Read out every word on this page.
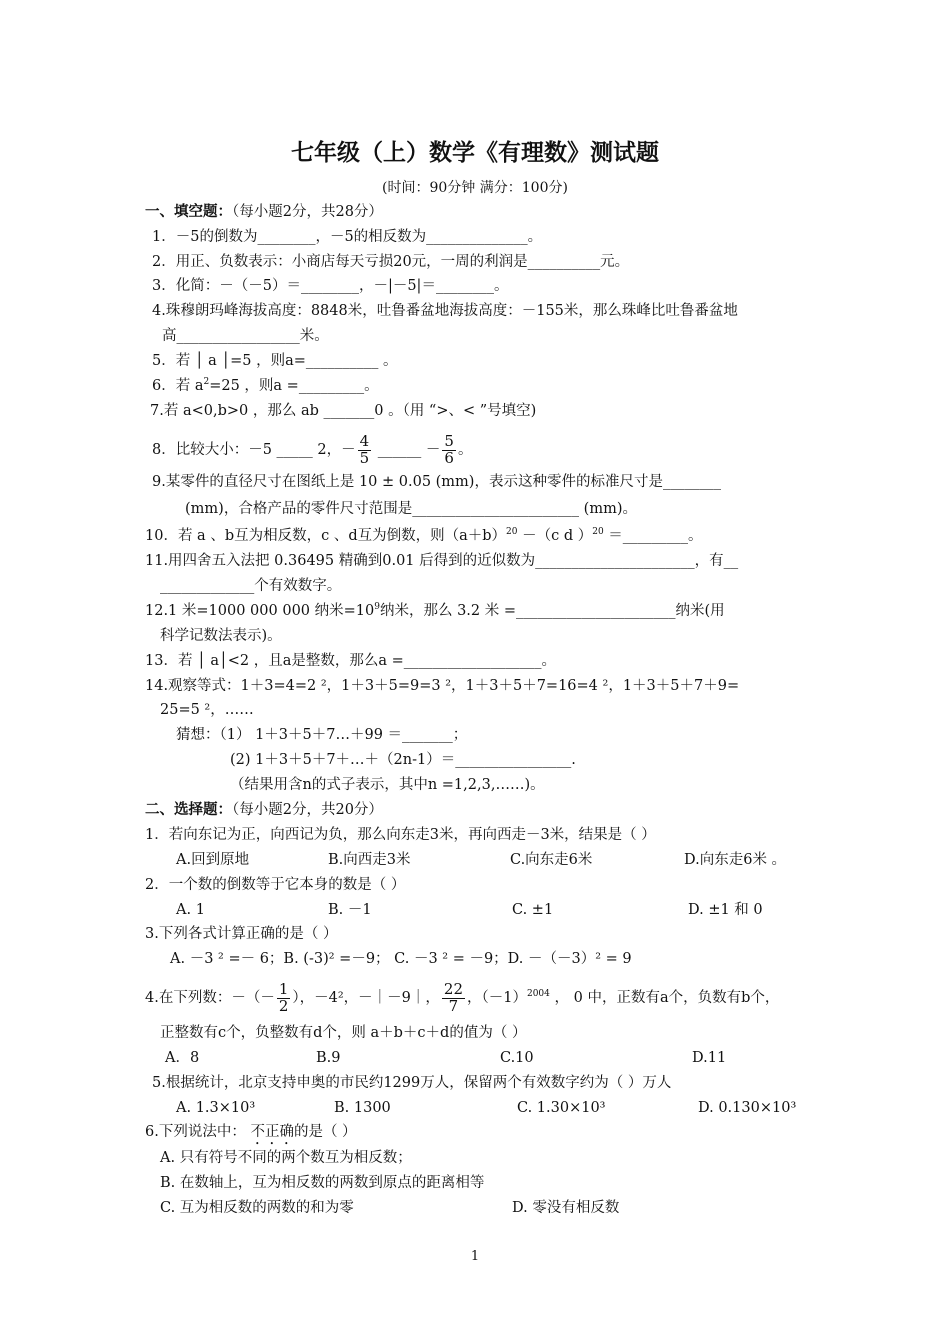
七年级（上）数学《有理数》测试题
(时间：90分钟 满分：100分)
一、填空题：（每小题2分，共28分）
1．－5的倒数为________，－5的相反数为______________。
2．用正、负数表示：小商店每天亏损20元，一周的利润是__________元。
3．化简：－（－5）＝________，－|－5|＝________。
4.珠穆朗玛峰海拔高度：8848米，吐鲁番盆地海拔高度：－155米，那么珠峰比吐鲁番盆地
高_________________米。
5．若 │ a │=5 ，则a=__________ 。
6．若 $a^2=25$ ，则a =_________。
7.若 a<0,b>0 ，那么 ab _______0 。（用 “>、< ”号填空)
8．比较大小：－5 _____ 2，－ $\frac{4}{5}$ ______ － $\frac{5}{6}$ 。
9.某零件的直径尺寸在图纸上是 10 ± 0.05 (mm)，表示这种零件的标准尺寸是________
(mm)，合格产品的零件尺寸范围是_______________________ (mm)。
10．若 a 、b互为相反数，c 、d互为倒数，则$(a+b)^{20} -(c$ d ）$^{20}$ ＝_________。
11.用四舍五入法把 0.36495 精确到0.01 后得到的近似数为______________________，有__
_____________个有效数字。
12.1 米=1000 000 000 纳米$=10^9$纳米，那么 3.2 米 =______________________纳米(用
科学记数法表示)。
13．若 │ a│<2 ，且a是整数，那么a =___________________。
14.观察等式：1＋3=4=2 ²，1＋3＋5=9=3 ²，1＋3＋5＋7=16=4 ²，1＋3＋5＋7＋9=
25=5 ²，……
猜想：（1） 1＋3＋5＋7…＋99 ＝_______；
(2) 1＋3＋5＋7＋…＋（2n-1）＝________________.
（结果用含n的式子表示，其中n =1,2,3,……)。
二、选择题：（每小题2分，共20分）
1．若向东记为正，向西记为负，那么向东走3米，再向西走－3米，结果是（ ）
A.回到原地	B.向西走3米	C.向东走6米	D.向东走6米 。
2．一个数的倒数等于它本身的数是（ ）
A. 1	B. －1	C. ±1	D. ±1 和 0
3.下列各式计算正确的是（ ）
A. －3 ² =－ 6；B. (-3)² =－9； C. －3 ² = －9；D. －（－3）² = 9
4.在下列数：－（－ $\frac{1}{2}$ ），－4²，－｜－9｜， $\frac{22}{7}$ ，$(-1)^{2004}$ ， 0 中，正数有a个，负数有b个，
正整数有c个，负整数有d个，则 a＋b＋c＋d的值为（ ）
A．8	B.9	C.10	D.11
5.根据统计，北京支持申奥的市民约1299万人，保留两个有效数字约为（ ）万人
A. 1.3×10³	B. 1300	C. 1.30×10³	D. 0.130×10³
6.下列说法中： 不正确的是（ ）
A. 只有符号不同的两个数互为相反数；
B. 在数轴上，互为相反数的两数到原点的距离相等
C. 互为相反数的两数的和为零	D. 零没有相反数
1
